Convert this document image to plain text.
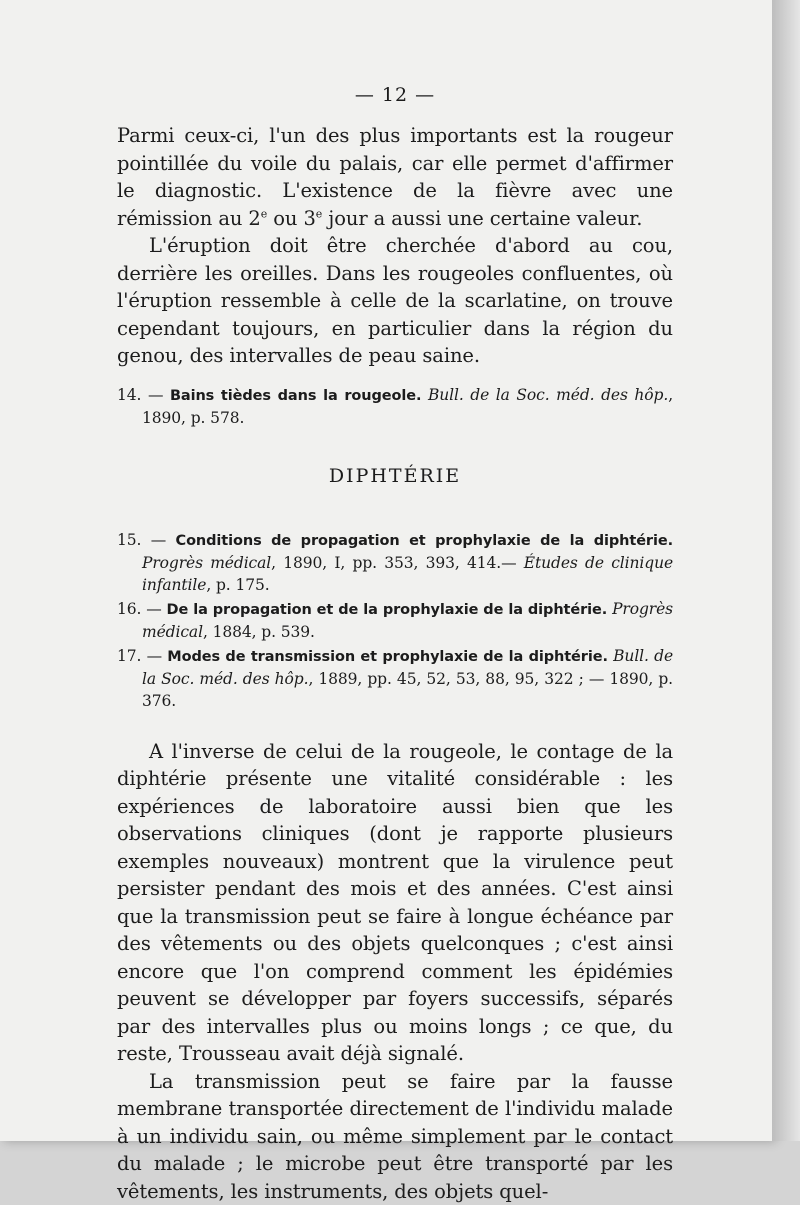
— 12 —

Parmi ceux-ci, l'un des plus importants est la rougeur pointillée du voile du palais, car elle permet d'affirmer le diagnostic. L'existence de la fièvre avec une rémission au 2e ou 3e jour a aussi une certaine valeur.

L'éruption doit être cherchée d'abord au cou, derrière les oreilles. Dans les rougeoles confluentes, où l'éruption ressemble à celle de la scarlatine, on trouve cependant toujours, en particulier dans la région du genou, des intervalles de peau saine.

14. — Bains tièdes dans la rougeole. Bull. de la Soc. méd. des hôp., 1890, p. 578.

DIPHTÉRIE

15. — Conditions de propagation et prophylaxie de la diphtérie. Progrès médical, 1890, I, pp. 353, 393, 414.— Études de clinique infantile, p. 175.

16. — De la propagation et de la prophylaxie de la diphtérie. Progrès médical, 1884, p. 539.

17. — Modes de transmission et prophylaxie de la diphtérie. Bull. de la Soc. méd. des hôp., 1889, pp. 45, 52, 53, 88, 95, 322 ; — 1890, p. 376.

A l'inverse de celui de la rougeole, le contage de la diphtérie présente une vitalité considérable : les expériences de laboratoire aussi bien que les observations cliniques (dont je rapporte plusieurs exemples nouveaux) montrent que la virulence peut persister pendant des mois et des années. C'est ainsi que la transmission peut se faire à longue échéance par des vêtements ou des objets quelconques ; c'est ainsi encore que l'on comprend comment les épidémies peuvent se développer par foyers successifs, séparés par des intervalles plus ou moins longs ; ce que, du reste, Trousseau avait déjà signalé.

La transmission peut se faire par la fausse membrane transportée directement de l'individu malade à un individu sain, ou même simplement par le contact du malade ; le microbe peut être transporté par les vêtements, les instruments, des objets quel-
